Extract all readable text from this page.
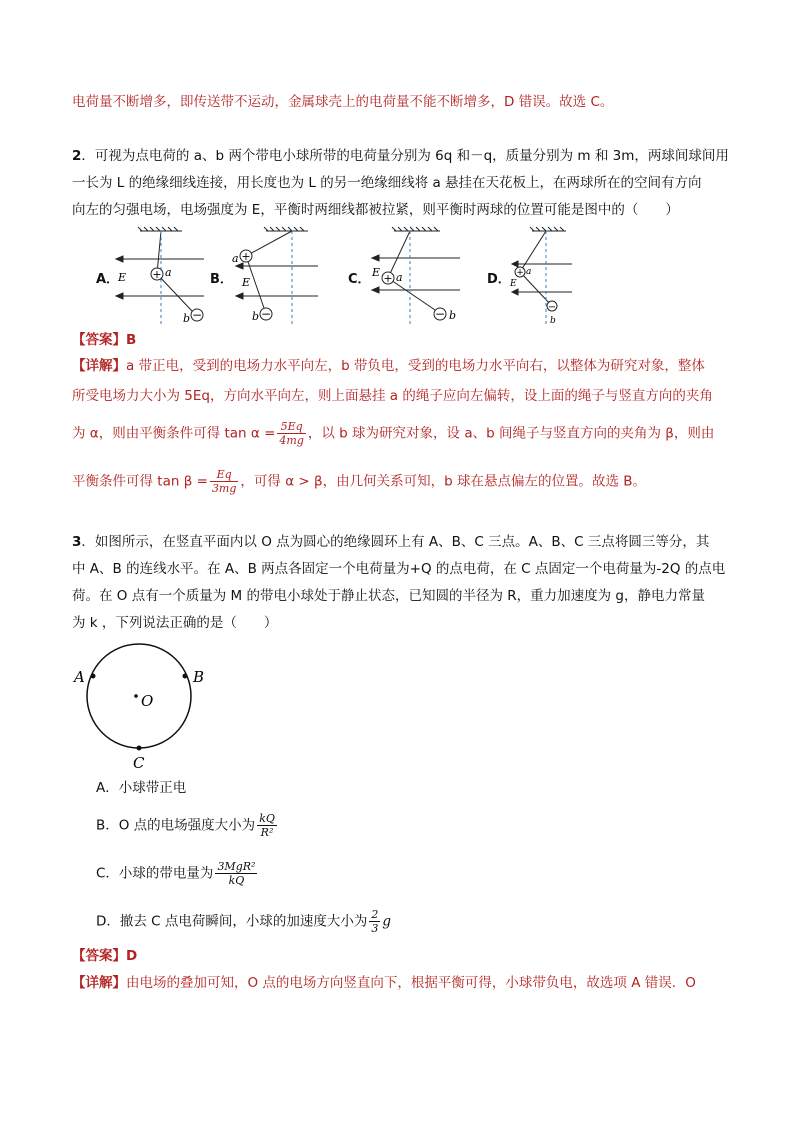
电荷量不断增多，即传送带不运动，金属球壳上的电荷量不能不断增多，D 错误。故选 C。
2．可视为点电荷的 a、b 两个带电小球所带的电荷量分别为 6q 和－q，质量分别为 m 和 3m，两球间球间用
一长为 L 的绝缘细线连接，用长度也为 L 的另一绝缘细线将 a 悬挂在天花板上，在两球所在的空间有方向
向左的匀强电场，电场强度为 E，平衡时两细线都被拉紧，则平衡时两球的位置可能是图中的（　　）
A．	B．	C．	D．
+ a
E
−
b
+
a
E
−
b
+ a
E
− b
+ a
E
−
b
【答案】B
【详解】a 带正电，受到的电场力水平向左，b 带负电，受到的电场力水平向右，以整体为研究对象，整体
所受电场力大小为 5Eq，方向水平向左，则上面悬挂 a 的绳子应向左偏转，设上面的绳子与竖直方向的夹角
为 α，则由平衡条件可得 $\tan \alpha = \frac{5Eq}{4mg}$ ，以 b 球为研究对象，设 a、b 间绳子与竖直方向的夹角为 β，则由
平衡条件可得 $\tan \beta = \frac{Eq}{3mg}$ ，可得 α > β，由几何关系可知，b 球在悬点偏左的位置。故选 B。
3．如图所示，在竖直平面内以 O 点为圆心的绝缘圆环上有 A、B、C 三点。A、B、C 三点将圆三等分，其
中 A、B 的连线水平。在 A、B 两点各固定一个电荷量为+Q 的点电荷，在 C 点固定一个电荷量为-2Q 的点电
荷。在 O 点有一个质量为 M 的带电小球处于静止状态，已知圆的半径为 R，重力加速度为 g，静电力常量
为 k ，下列说法正确的是（　　）
A	B
C
O
A．小球带正电
B．O 点的电场强度大小为 $\frac{kQ}{\text{R²}}$
C．小球的带电量为 $\frac{\text{3MgR²}}{kQ}$
D．撤去 C 点电荷瞬间，小球的加速度大小为 $\frac{2}{3}$ g
【答案】D
【详解】由电场的叠加可知，O 点的电场方向竖直向下，根据平衡可得，小球带负电，故选项 A 错误．O
